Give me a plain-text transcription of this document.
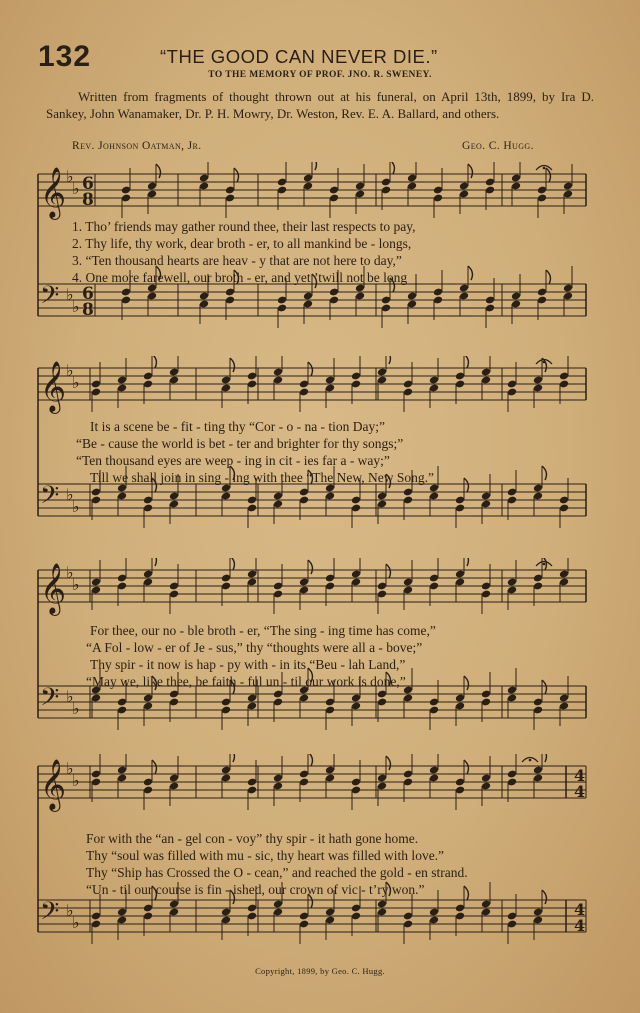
132	“THE GOOD CAN NEVER DIE.”
TO THE MEMORY OF PROF. JNO. R. SWENEY.
Written from fragments of thought thrown out at his funeral, on April 13th, 1899, by Ira D. Sankey, John Wanamaker, Dr. P. H. Mowry, Dr. Weston, Rev. E. A. Ballard, and others.
Rev. Johnson Oatman, Jr.	Geo. C. Hugg.
𝄞 ♭
♭ 6
8
𝄢 ♭
♭
6
8
1. Tho’ friends may gather round thee, their last respects to pay,
2. Thy life, thy work, dear broth - er, to all mankind be - longs,
3. “Ten thousand hearts are heav - y that are not here to day,”
4. One more farewell, our broth - er, and yet ’twill not be long
𝄞 ♭
♭
𝄢 ♭
♭
It is a scene be - fit - ting thy “Cor - o - na - tion Day;”
“Be - cause the world is bet - ter and brighter for thy songs;”
“Ten thousand eyes are weep - ing in cit - ies far a - way;”
Till we shall join in sing - ing with thee “The New, New Song.”
𝄞 ♭
♭
𝄢 ♭
♭
For thee, our no - ble broth - er, “The sing - ing time has come,”
“A Fol - low - er of Je - sus,” thy “thoughts were all a - bove;”
Thy spir - it now is hap - py with - in its “Beu - lah Land,”
“May we, like thee, be faith - ful un - til our work is done,”
𝄞 ♭
♭	4
4
𝄢 ♭
♭
4
4
For with the “an - gel con - voy” thy spir - it hath gone home.
Thy “soul was filled with mu - sic, thy heart was filled with love.”
Thy “Ship has Crossed the O - cean,” and reached the gold - en strand.
“Un - til our course is fin - ished, our crown of vic - t’ry won.”
Copyright, 1899, by Geo. C. Hugg.
